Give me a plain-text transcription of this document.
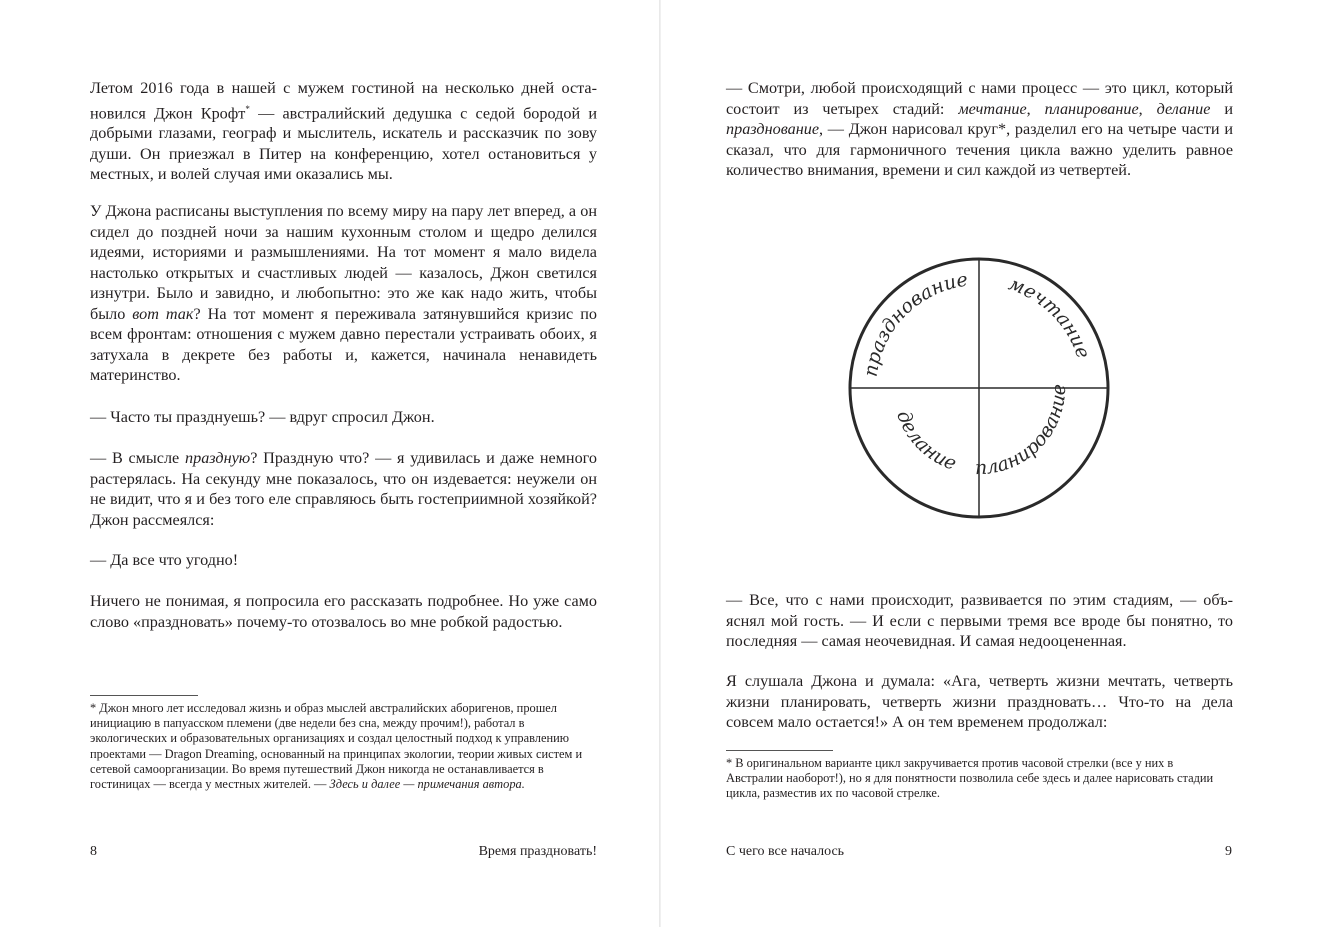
Летом 2016 года в нашей с мужем гостиной на несколько дней остановился Джон Крофт* — австралийский дедушка с седой бородой и добрыми глазами, географ и мыслитель, искатель и рассказчик по зову души. Он приезжал в Питер на конференцию, хотел остановиться у местных, и волей случая ими оказались мы.

У Джона расписаны выступления по всему миру на пару лет вперед, а он сидел до поздней ночи за нашим кухонным столом и щедро делился идеями, историями и размышлениями. На тот момент я мало видела настолько открытых и счастливых людей — казалось, Джон светился изнутри. Было и завидно, и любопытно: это же как надо жить, чтобы было вот так? На тот момент я переживала затянувшийся кризис по всем фронтам: отношения с мужем давно перестали устраивать обоих, я затухала в декрете без работы и, кажется, начинала ненавидеть материнство.

— Часто ты празднуешь? — вдруг спросил Джон.

— В смысле праздную? Праздную что? — я удивилась и даже немного растерялась. На секунду мне показалось, что он издевается: неужели он не видит, что я и без того еле справляюсь быть гостеприимной хозяйкой? Джон рассмеялся:

— Да все что угодно!

Ничего не понимая, я попросила его рассказать подробнее. Но уже само слово «праздновать» почему-то отозвалось во мне робкой радостью.

* Джон много лет исследовал жизнь и образ мыслей австралийских аборигенов, прошел инициацию в папуасском племени (две недели без сна, между прочим!), работал в экологических и образовательных организациях и создал целостный подход к управлению проектами — Dragon Dreaming, основанный на принципах экологии, теории живых систем и сетевой самоорганизации. Во время путешествий Джон никогда не останавливается в гостиницах — всегда у местных жителей. — Здесь и далее — примечания автора.

8	Время праздновать!

— Смотри, любой происходящий с нами процесс — это цикл, который состоит из четырех стадий: мечтание, планирование, делание и празднование, — Джон нарисовал круг*, разделил его на четыре части и сказал, что для гармоничного течения цикла важно уделить равное количество внимания, времени и сил каждой из четвертей.

празднование мечтание
планирование
делание

— Все, что с нами происходит, развивается по этим стадиям, — объяснял мой гость. — И если с первыми тремя все вроде бы понятно, то последняя — самая неочевидная. И самая недооцененная.

Я слушала Джона и думала: «Ага, четверть жизни мечтать, четверть жизни планировать, четверть жизни праздновать… Что-то на дела совсем мало остается!» А он тем временем продолжал:

* В оригинальном варианте цикл закручивается против часовой стрелки (все у них в Австралии наоборот!), но я для понятности позволила себе здесь и далее нарисовать стадии цикла, разместив их по часовой стрелке.

С чего все началось	9
